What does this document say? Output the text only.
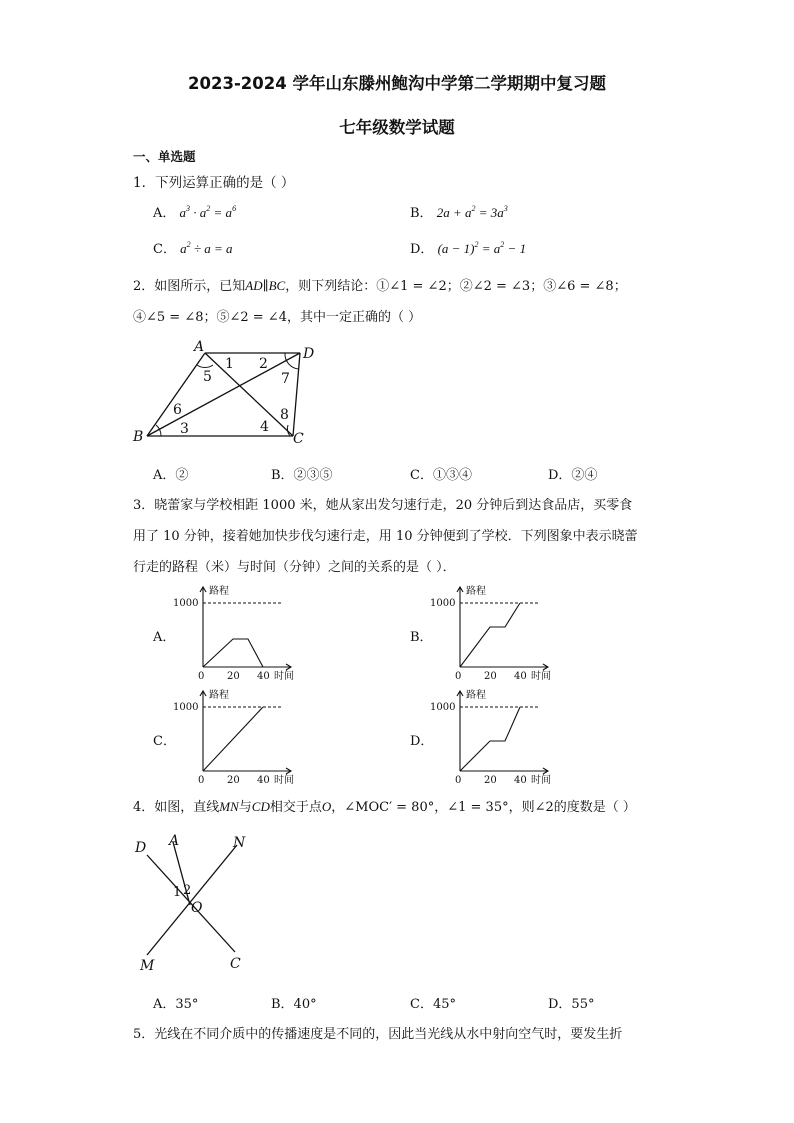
2023-2024 学年山东滕州鲍沟中学第二学期期中复习题
七年级数学试题
一、单选题
1．下列运算正确的是（ ）
A． $a^3 \cdot a^2 = a^6$	B． $2a + a^2 = 3a^3$
C． $a^2 \div a = a$	D． $(a - 1)^2 = a^2 - 1$
2．如图所示，已知AD∥BC，则下列结论：①∠1 = ∠2；②∠2 = ∠3；③∠6 = ∠8；
④∠5 = ∠8；⑤∠2 = ∠4，其中一定正确的（ ）
A	D
B	C
1 2
3	4
5
6
7
8
A．②	B．②③⑤	C．①③④	D．②④
3．晓蕾家与学校相距 1000 米，她从家出发匀速行走，20 分钟后到达食品店，买零食
用了 10 分钟，接着她加快步伐匀速行走，用 10 分钟便到了学校．下列图象中表示晓蕾
行走的路程（米）与时间（分钟）之间的关系的是（ ）．
A．	B．
C．	D．
路程
1000
0 20 40 时间
路程
1000
0 20 40 时间
路程
1000
0 20 40 时间
路程
1000
0 20 40 时间
4．如图，直线MN与CD相交于点O，∠MOC′ = 80°，∠1 = 35°，则∠2的度数是（ ）
D A	N
O
M	C
1 2
A．35°	B．40°	C．45°	D．55°
5．光线在不同介质中的传播速度是不同的，因此当光线从水中射向空气时，要发生折
